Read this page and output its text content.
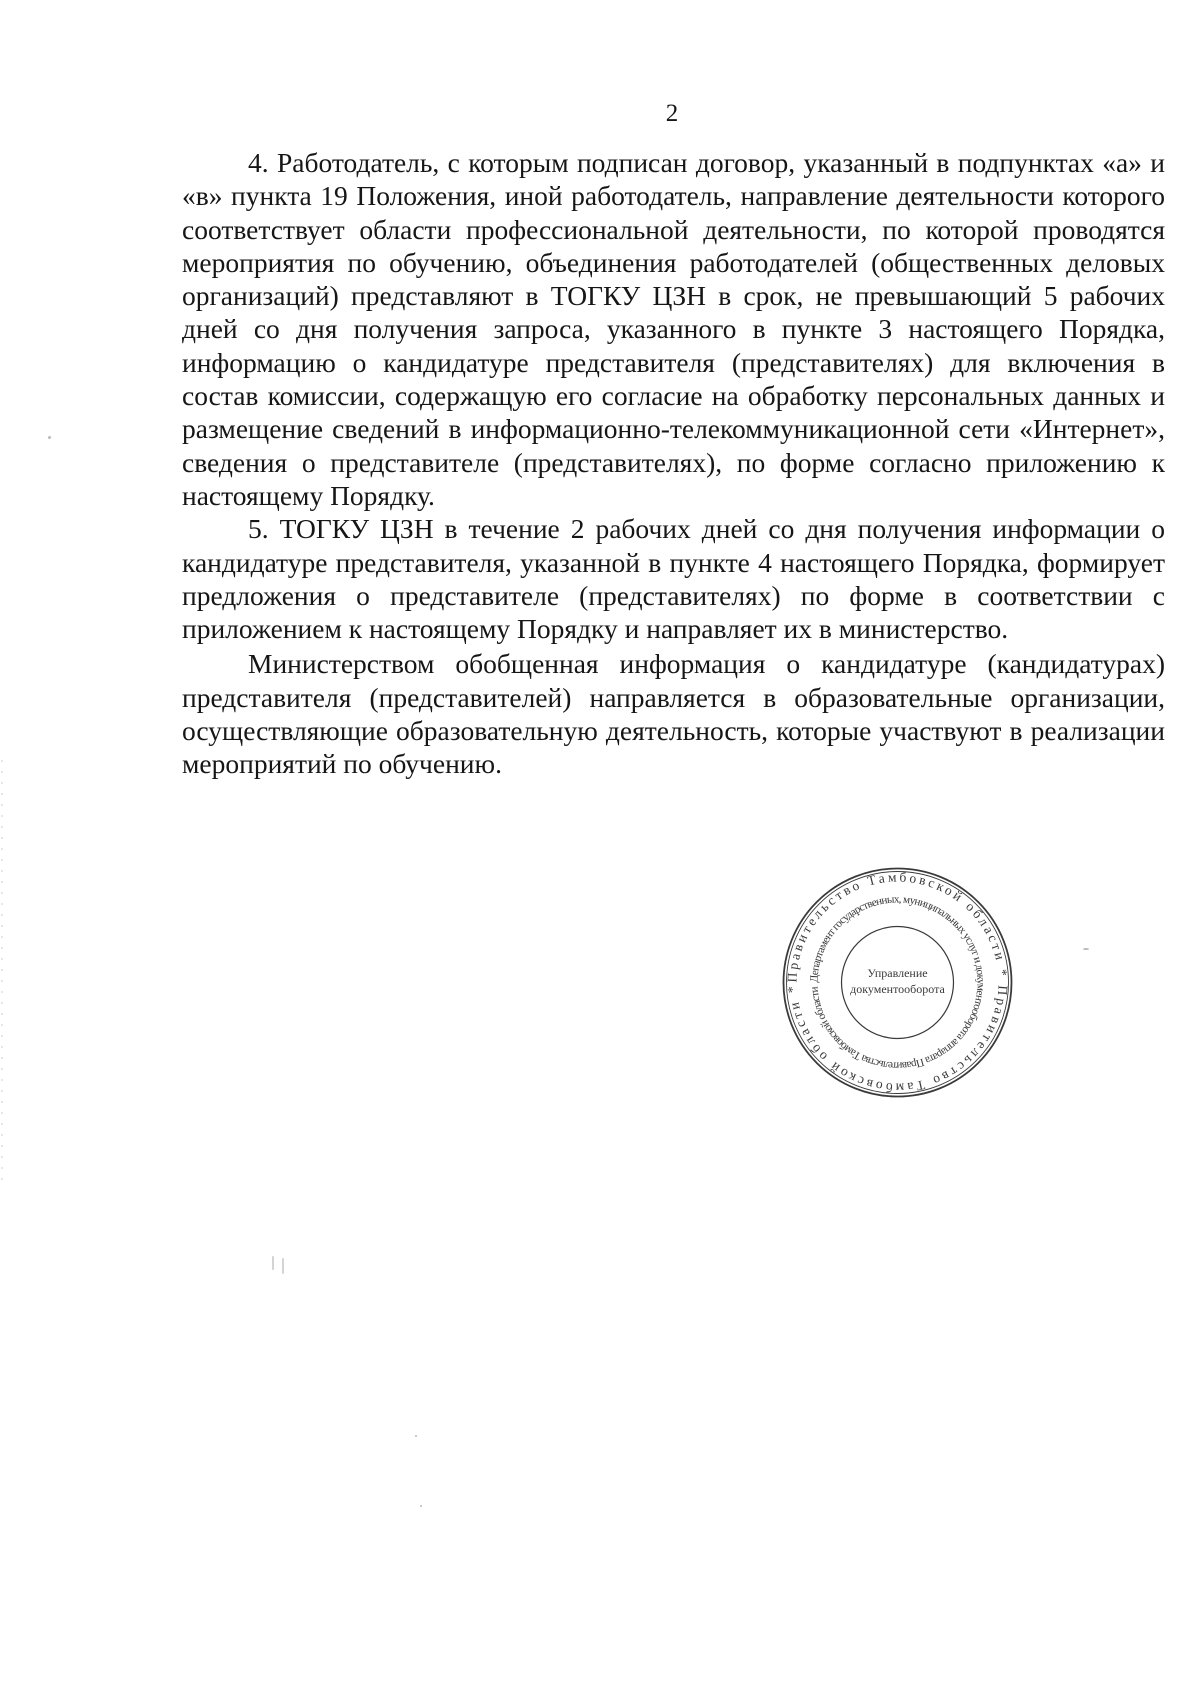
2

4. Работодатель, с которым подписан договор, указанный в подпунктах «а» и «в» пункта 19 Положения, иной работодатель, направление деятельности которого соответствует области профессиональной деятельности, по которой проводятся мероприятия по обучению, объединения работодателей (общественных деловых организаций) представляют в ТОГКУ ЦЗН в срок, не превышающий 5 рабочих дней со дня получения запроса, указанного в пункте 3 настоящего Порядка, информацию о кандидатуре представителя (представителях) для включения в состав комиссии, содержащую его согласие на обработку персональных данных и размещение сведений в информационно-телекоммуникационной сети «Интернет», сведения о представителе (представителях), по форме согласно приложению к настоящему Порядку.

5. ТОГКУ ЦЗН в течение 2 рабочих дней со дня получения информации о кандидатуре представителя, указанной в пункте 4 настоящего Порядка, формирует предложения о представителе (представителях) по форме в соответствии с приложением к настоящему Порядку и направляет их в министерство.

Министерством обобщенная информация о кандидатуре (кандидатурах) представителя (представителей) направляется в образовательные организации, осуществляющие образовательную деятельность, которые участвуют в реализации мероприятий по обучению.

Правительство Тамбовской области * Правительство Тамбовской области *
Департамент государственных, муниципальных услуг и документооборота аппарата Правительства Тамбовской области
Управление
документооборота
